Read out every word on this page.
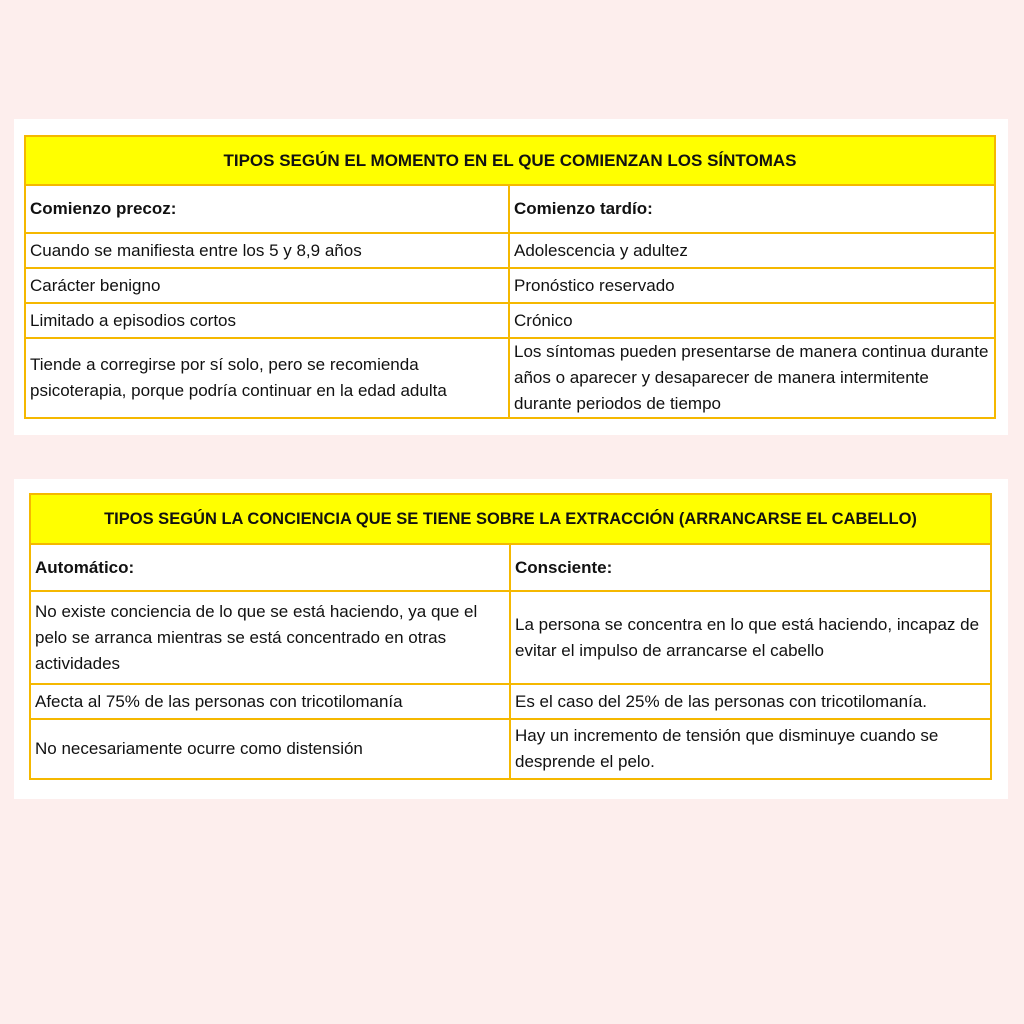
TIPOS SEGÚN EL MOMENTO EN EL QUE COMIENZAN LOS SÍNTOMAS	
Comienzo precoz:	Comienzo tardío:
Cuando se manifiesta entre los 5 y 8,9 años	Adolescencia y adultez
Carácter benigno	Pronóstico reservado
Limitado a episodios cortos	Crónico
Tiende a corregirse por sí solo, pero se recomienda psicoterapia, porque podría continuar en la edad adulta	Los síntomas pueden presentarse de manera continua durante años o aparecer y desaparecer de manera intermitente durante periodos de tiempo
TIPOS SEGÚN LA CONCIENCIA QUE SE TIENE SOBRE LA EXTRACCIÓN (ARRANCARSE EL CABELLO)	
Automático:	Consciente:
No existe conciencia de lo que se está haciendo, ya que el pelo se arranca mientras se está concentrado en otras actividades	La persona se concentra en lo que está haciendo, incapaz de evitar el impulso de arrancarse el cabello
Afecta al 75% de las personas con tricotilomanía	Es el caso del 25% de las personas con tricotilomanía.
No necesariamente ocurre como distensión	Hay un incremento de tensión que disminuye cuando se desprende el pelo.
